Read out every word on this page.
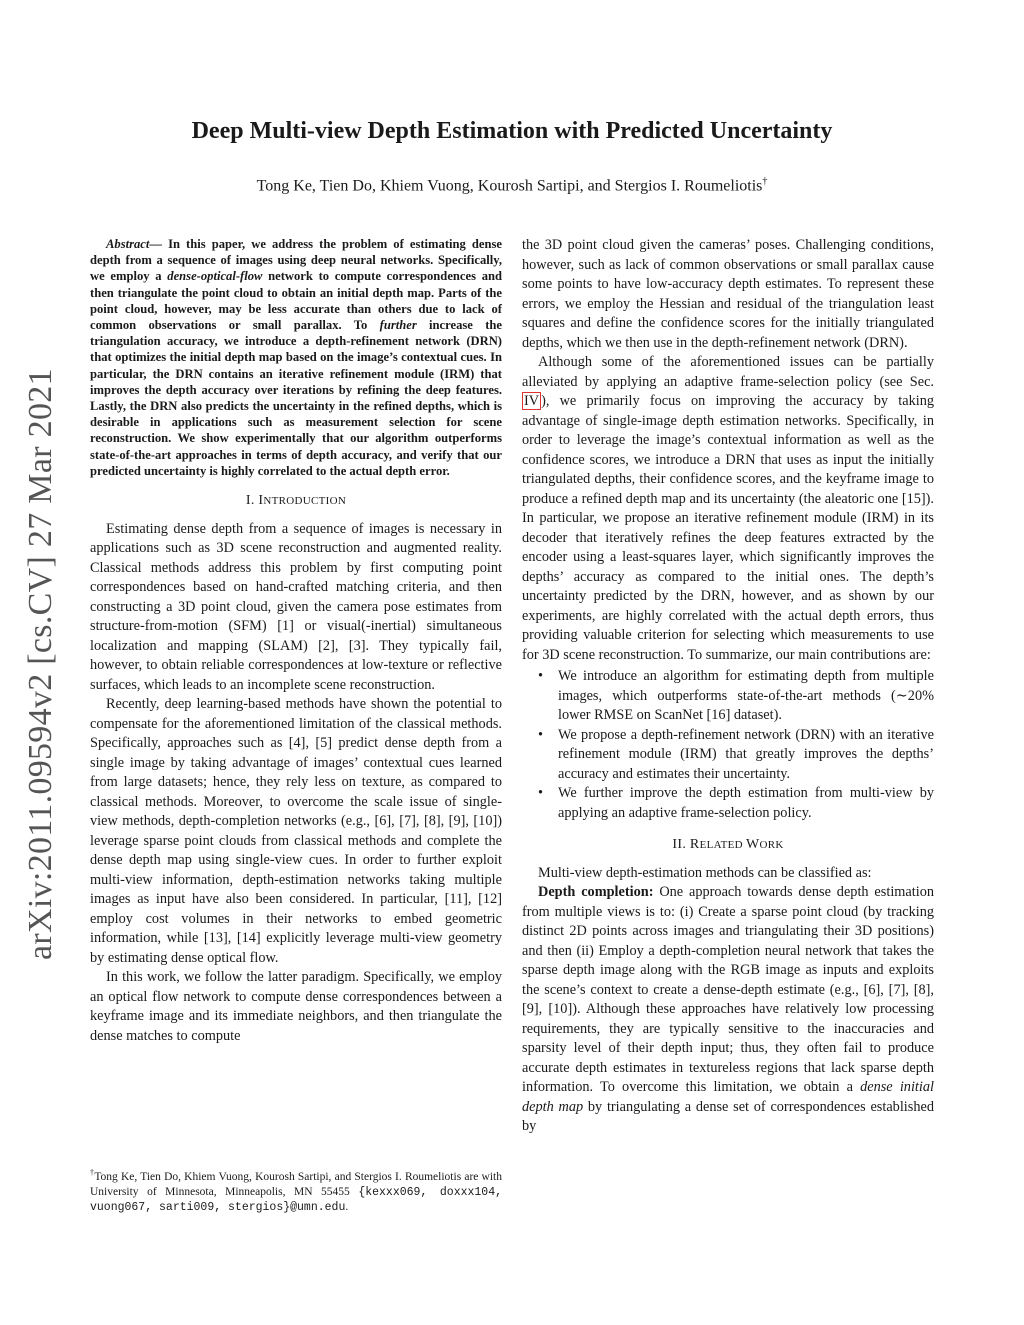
arXiv:2011.09594v2 [cs.CV] 27 Mar 2021
Deep Multi-view Depth Estimation with Predicted Uncertainty
Tong Ke, Tien Do, Khiem Vuong, Kourosh Sartipi, and Stergios I. Roumeliotis†

Abstract— In this paper, we address the problem of estimating dense depth from a sequence of images using deep neural networks. Specifically, we employ a dense-optical-flow network to compute correspondences and then triangulate the point cloud to obtain an initial depth map. Parts of the point cloud, however, may be less accurate than others due to lack of common observations or small parallax. To further increase the triangulation accuracy, we introduce a depth-refinement network (DRN) that optimizes the initial depth map based on the image’s contextual cues. In particular, the DRN contains an iterative refinement module (IRM) that improves the depth accuracy over iterations by refining the deep features. Lastly, the DRN also predicts the uncertainty in the refined depths, which is desirable in applications such as measurement selection for scene reconstruction. We show experimentally that our algorithm outperforms state-of-the-art approaches in terms of depth accuracy, and verify that our predicted uncertainty is highly correlated to the actual depth error.

I. INTRODUCTION

Estimating dense depth from a sequence of images is necessary in applications such as 3D scene reconstruction and augmented reality. Classical methods address this problem by first computing point correspondences based on hand-crafted matching criteria, and then constructing a 3D point cloud, given the camera pose estimates from structure-from-motion (SFM) [1] or visual(-inertial) simultaneous localization and mapping (SLAM) [2], [3]. They typically fail, however, to obtain reliable correspondences at low-texture or reflective surfaces, which leads to an incomplete scene reconstruction.

Recently, deep learning-based methods have shown the potential to compensate for the aforementioned limitation of the classical methods. Specifically, approaches such as [4], [5] predict dense depth from a single image by taking advantage of images’ contextual cues learned from large datasets; hence, they rely less on texture, as compared to classical methods. Moreover, to overcome the scale issue of single-view methods, depth-completion networks (e.g., [6], [7], [8], [9], [10]) leverage sparse point clouds from classical methods and complete the dense depth map using single-view cues. In order to further exploit multi-view information, depth-estimation networks taking multiple images as input have also been considered. In particular, [11], [12] employ cost volumes in their networks to embed geometric information, while [13], [14] explicitly leverage multi-view geometry by estimating dense optical flow.

In this work, we follow the latter paradigm. Specifically, we employ an optical flow network to compute dense correspondences between a keyframe image and its immediate neighbors, and then triangulate the dense matches to compute

the 3D point cloud given the cameras’ poses. Challenging conditions, however, such as lack of common observations or small parallax cause some points to have low-accuracy depth estimates. To represent these errors, we employ the Hessian and residual of the triangulation least squares and define the confidence scores for the initially triangulated depths, which we then use in the depth-refinement network (DRN).

Although some of the aforementioned issues can be partially alleviated by applying an adaptive frame-selection policy (see Sec. IV ), we primarily focus on improving the accuracy by taking advantage of single-image depth estimation networks. Specifically, in order to leverage the image’s contextual information as well as the confidence scores, we introduce a DRN that uses as input the initially triangulated depths, their confidence scores, and the keyframe image to produce a refined depth map and its uncertainty (the aleatoric one [15]). In particular, we propose an iterative refinement module (IRM) in its decoder that iteratively refines the deep features extracted by the encoder using a least-squares layer, which significantly improves the depths’ accuracy as compared to the initial ones. The depth’s uncertainty predicted by the DRN, however, and as shown by our experiments, are highly correlated with the actual depth errors, thus providing valuable criterion for selecting which measurements to use for 3D scene reconstruction. To summarize, our main contributions are:

• We introduce an algorithm for estimating depth from multiple images, which outperforms state-of-the-art methods (∼20% lower RMSE on ScanNet [16] dataset).
• We propose a depth-refinement network (DRN) with an iterative refinement module (IRM) that greatly improves the depths’ accuracy and estimates their uncertainty.
• We further improve the depth estimation from multi-view by applying an adaptive frame-selection policy.
II. RELATED WORK

Multi-view depth-estimation methods can be classified as:

Depth completion: One approach towards dense depth estimation from multiple views is to: (i) Create a sparse point cloud (by tracking distinct 2D points across images and triangulating their 3D positions) and then (ii) Employ a depth-completion neural network that takes the sparse depth image along with the RGB image as inputs and exploits the scene’s context to create a dense-depth estimate (e.g., [6], [7], [8], [9], [10]). Although these approaches have relatively low processing requirements, they are typically sensitive to the inaccuracies and sparsity level of their depth input; thus, they often fail to produce accurate depth estimates in textureless regions that lack sparse depth information. To overcome this limitation, we obtain a dense initial depth map by triangulating a dense set of correspondences established by

†Tong Ke, Tien Do, Khiem Vuong, Kourosh Sartipi, and Stergios I. Roumeliotis are with University of Minnesota, Minneapolis, MN 55455 {kexxx069, doxxx104, vuong067, sarti009, stergios}@umn.edu.
